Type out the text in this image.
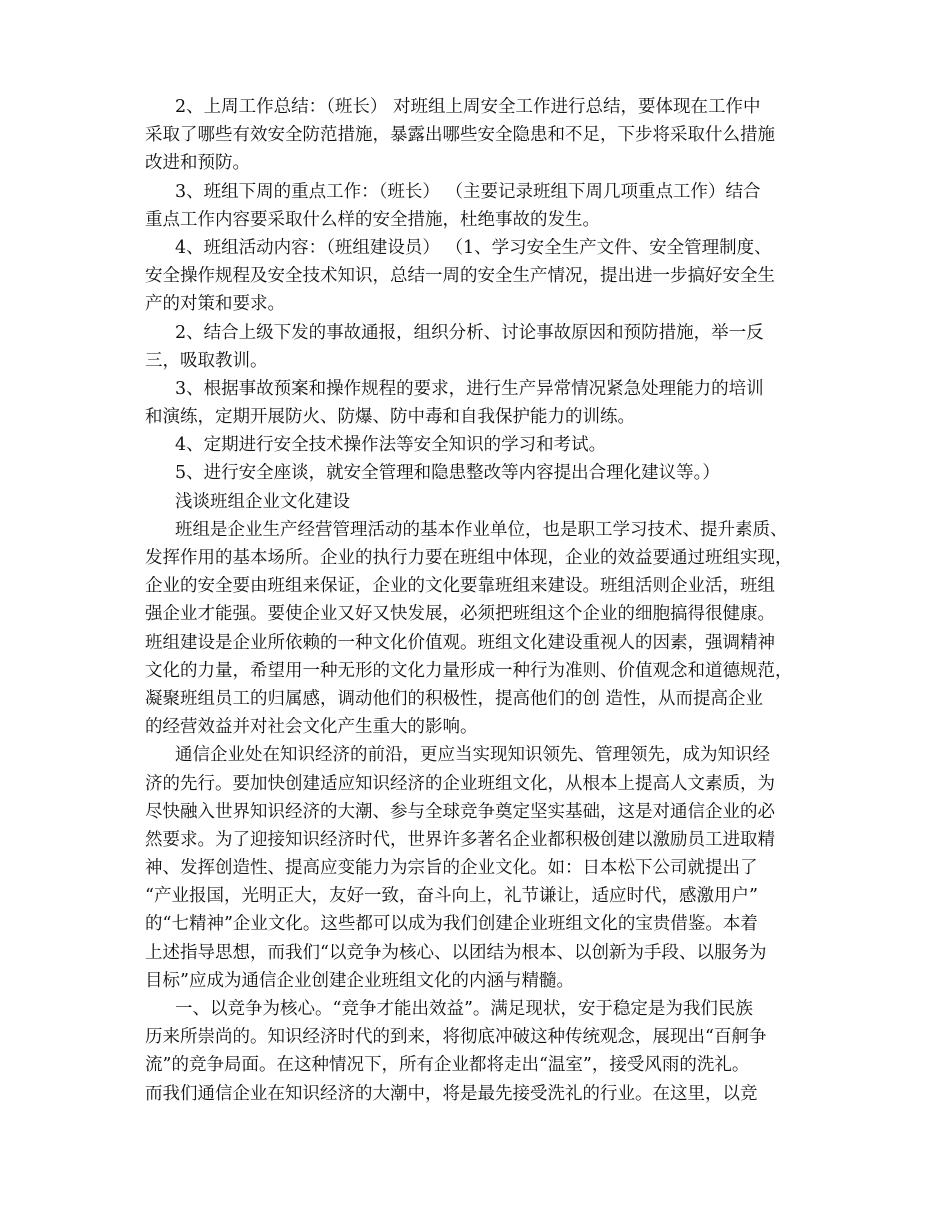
2、上周工作总结：（班长） 对班组上周安全工作进行总结，要体现在工作中
采取了哪些有效安全防范措施，暴露出哪些安全隐患和不足，下步将采取什么措施
改进和预防。
3、班组下周的重点工作：（班长） （主要记录班组下周几项重点工作）结合
重点工作内容要采取什么样的安全措施，杜绝事故的发生。
4、班组活动内容：（班组建设员） （1、学习安全生产文件、安全管理制度、
安全操作规程及安全技术知识，总结一周的安全生产情况，提出进一步搞好安全生
产的对策和要求。
2、结合上级下发的事故通报，组织分析、讨论事故原因和预防措施，举一反
三，吸取教训。
3、根据事故预案和操作规程的要求，进行生产异常情况紧急处理能力的培训
和演练，定期开展防火、防爆、防中毒和自我保护能力的训练。
4、定期进行安全技术操作法等安全知识的学习和考试。
5、进行安全座谈，就安全管理和隐患整改等内容提出合理化建议等。）
浅谈班组企业文化建设
班组是企业生产经营管理活动的基本作业单位，也是职工学习技术、提升素质、
发挥作用的基本场所。企业的执行力要在班组中体现，企业的效益要通过班组实现，
企业的安全要由班组来保证，企业的文化要靠班组来建设。班组活则企业活，班组
强企业才能强。要使企业又好又快发展，必须把班组这个企业的细胞搞得很健康。
班组建设是企业所依赖的一种文化价值观。班组文化建设重视人的因素，强调精神
文化的力量，希望用一种无形的文化力量形成一种行为准则、价值观念和道德规范，
凝聚班组员工的归属感，调动他们的积极性，提高他们的创 造性，从而提高企业
的经营效益并对社会文化产生重大的影响。
通信企业处在知识经济的前沿，更应当实现知识领先、管理领先，成为知识经
济的先行。要加快创建适应知识经济的企业班组文化，从根本上提高人文素质，为
尽快融入世界知识经济的大潮、参与全球竞争奠定坚实基础，这是对通信企业的必
然要求。为了迎接知识经济时代，世界许多著名企业都积极创建以激励员工进取精
神、发挥创造性、提高应变能力为宗旨的企业文化。如：日本松下公司就提出了
“产业报国，光明正大，友好一致，奋斗向上，礼节谦让，适应时代，感激用户”
的“七精神”企业文化。这些都可以成为我们创建企业班组文化的宝贵借鉴。本着
上述指导思想，而我们“以竞争为核心、以团结为根本、以创新为手段、以服务为
目标”应成为通信企业创建企业班组文化的内涵与精髓。
一、以竞争为核心。“竞争才能出效益”。满足现状，安于稳定是为我们民族
历来所崇尚的。知识经济时代的到来，将彻底冲破这种传统观念，展现出“百舸争
流”的竞争局面。在这种情况下，所有企业都将走出“温室”，接受风雨的洗礼。
而我们通信企业在知识经济的大潮中，将是最先接受洗礼的行业。在这里，以竞
